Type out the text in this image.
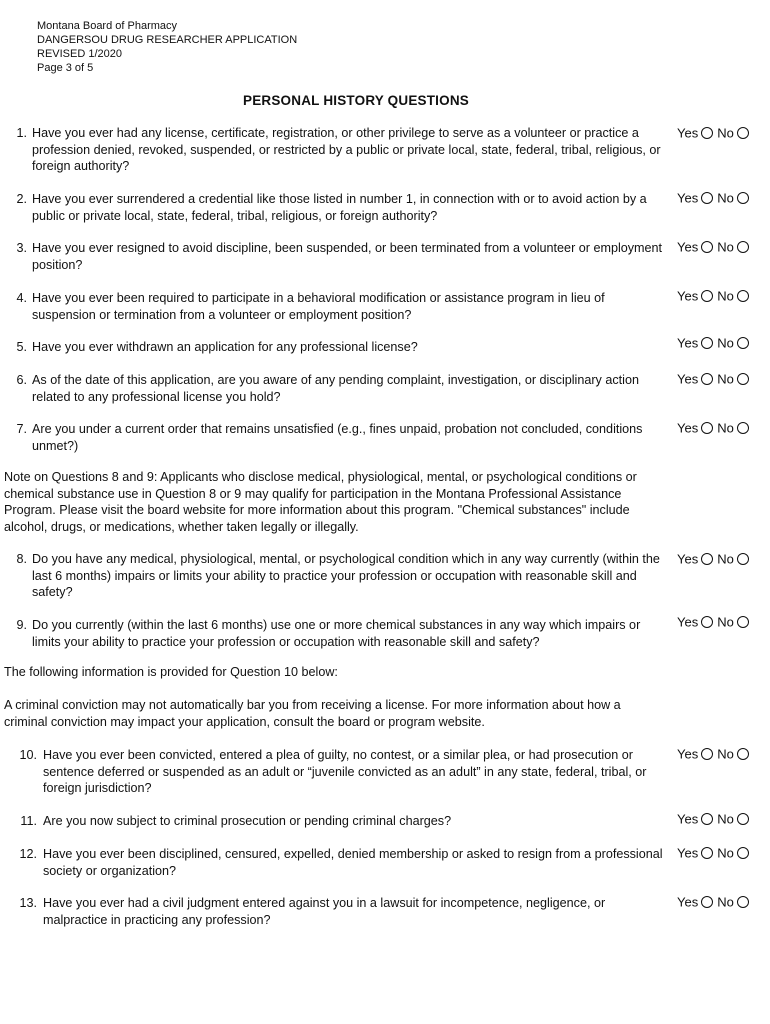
Montana Board of Pharmacy
DANGERSOU DRUG RESEARCHER APPLICATION
REVISED 1/2020
Page 3 of 5
PERSONAL HISTORY QUESTIONS
1. Have you ever had any license, certificate, registration, or other privilege to serve as a volunteer or practice a profession denied, revoked, suspended, or restricted by a public or private local, state, federal, tribal, religious, or foreign authority?
Yes No
2. Have you ever surrendered a credential like those listed in number 1, in connection with or to avoid action by a public or private local, state, federal, tribal, religious, or foreign authority?
Yes No
3. Have you ever resigned to avoid discipline, been suspended, or been terminated from a volunteer or employment position?
Yes No
4. Have you ever been required to participate in a behavioral modification or assistance program in lieu of suspension or termination from a volunteer or employment position?
Yes No
5. Have you ever withdrawn an application for any professional license?	Yes No
6. As of the date of this application, are you aware of any pending complaint, investigation, or disciplinary action related to any professional license you hold?
Yes No
7. Are you under a current order that remains unsatisfied (e.g., fines unpaid, probation not concluded, conditions unmet?)
Yes No
Note on Questions 8 and 9: Applicants who disclose medical, physiological, mental, or psychological conditions or chemical substance use in Question 8 or 9 may qualify for participation in the Montana Professional Assistance Program. Please visit the board website for more information about this program. "Chemical substances" include alcohol, drugs, or medications, whether taken legally or illegally.
8. Do you have any medical, physiological, mental, or psychological condition which in any way currently (within the last 6 months) impairs or limits your ability to practice your profession or occupation with reasonable skill and safety?
Yes No
9. Do you currently (within the last 6 months) use one or more chemical substances in any way which impairs or limits your ability to practice your profession or occupation with reasonable skill and safety?
Yes No
The following information is provided for Question 10 below:
A criminal conviction may not automatically bar you from receiving a license. For more information about how a criminal conviction may impact your application, consult the board or program website.
10. Have you ever been convicted, entered a plea of guilty, no contest, or a similar plea, or had prosecution or sentence deferred or suspended as an adult or “juvenile convicted as an adult” in any state, federal, tribal, or foreign jurisdiction?
Yes No
11. Are you now subject to criminal prosecution or pending criminal charges?	Yes No
12. Have you ever been disciplined, censured, expelled, denied membership or asked to resign from a professional society or organization?
Yes No
13. Have you ever had a civil judgment entered against you in a lawsuit for incompetence, negligence, or malpractice in practicing any profession?
Yes No
